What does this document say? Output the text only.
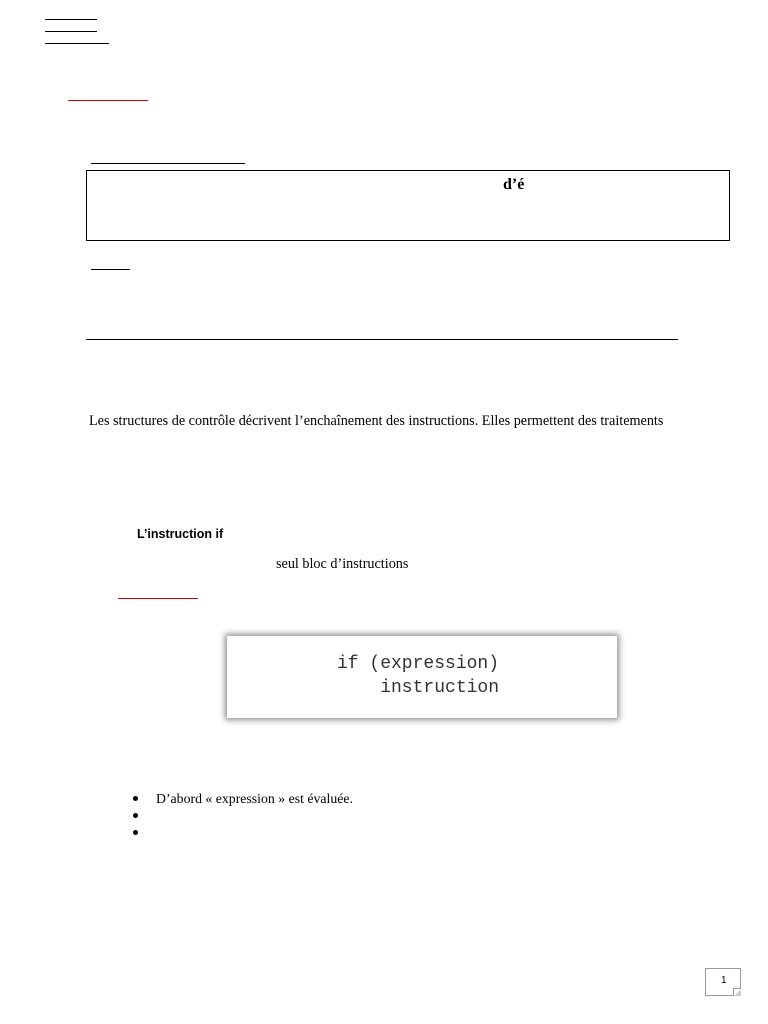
d’é
Les structures de contrôle décrivent l’enchaînement des instructions. Elles permettent des traitements
L’instruction if
seul bloc d’instructions
if (expression)
instruction
D’abord « expression » est évaluée.
1
